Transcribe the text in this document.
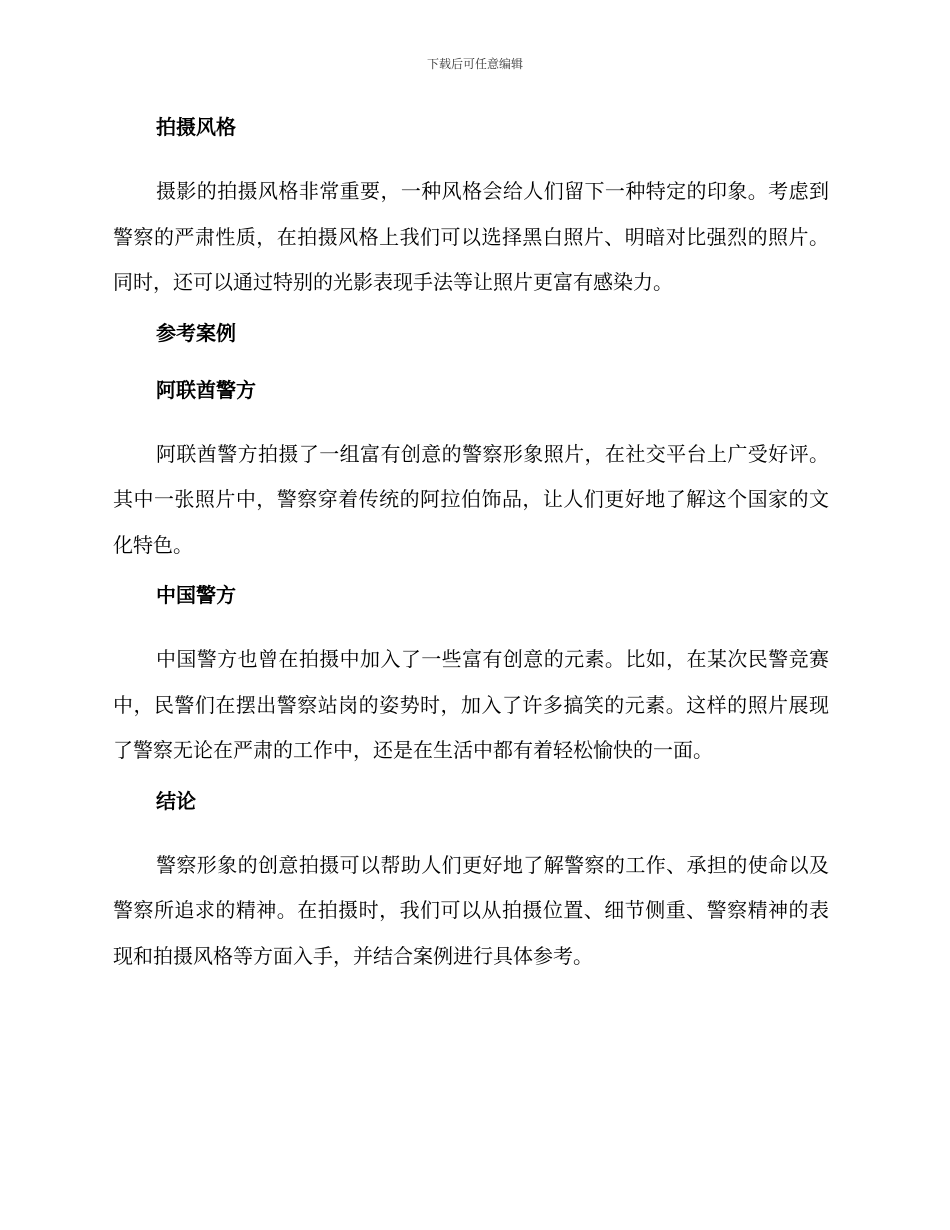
下载后可任意编辑
拍摄风格

摄影的拍摄风格非常重要，一种风格会给人们留下一种特定的印象。考虑到警察的严肃性质，在拍摄风格上我们可以选择黑白照片、明暗对比强烈的照片。同时，还可以通过特别的光影表现手法等让照片更富有感染力。

参考案例
阿联酋警方

阿联酋警方拍摄了一组富有创意的警察形象照片，在社交平台上广受好评。其中一张照片中，警察穿着传统的阿拉伯饰品，让人们更好地了解这个国家的文化特色。

中国警方

中国警方也曾在拍摄中加入了一些富有创意的元素。比如，在某次民警竞赛中，民警们在摆出警察站岗的姿势时，加入了许多搞笑的元素。这样的照片展现了警察无论在严肃的工作中，还是在生活中都有着轻松愉快的一面。

结论

警察形象的创意拍摄可以帮助人们更好地了解警察的工作、承担的使命以及警察所追求的精神。在拍摄时，我们可以从拍摄位置、细节侧重、警察精神的表现和拍摄风格等方面入手，并结合案例进行具体参考。
